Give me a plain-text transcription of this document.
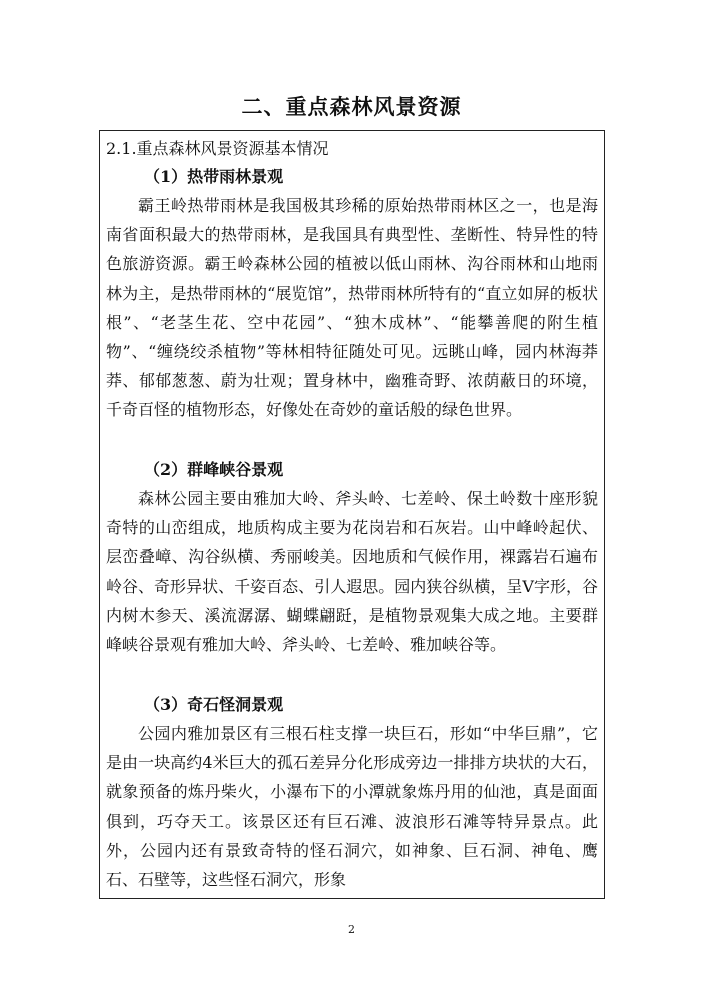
二、重点森林风景资源
2.1.重点森林风景资源基本情况
（1）热带雨林景观

霸王岭热带雨林是我国极其珍稀的原始热带雨林区之一，也是海南省面积最大的热带雨林，是我国具有典型性、垄断性、特异性的特色旅游资源。霸王岭森林公园的植被以低山雨林、沟谷雨林和山地雨林为主，是热带雨林的“展览馆”，热带雨林所特有的“直立如屏的板状根”、“老茎生花、空中花园”、“独木成林”、“能攀善爬的附生植物”、“缠绕绞杀植物”等林相特征随处可见。远眺山峰，园内林海莽莽、郁郁葱葱、蔚为壮观；置身林中，幽雅奇野、浓荫蔽日的环境，千奇百怪的植物形态，好像处在奇妙的童话般的绿色世界。

（2）群峰峡谷景观

森林公园主要由雅加大岭、斧头岭、七差岭、保土岭数十座形貌奇特的山峦组成，地质构成主要为花岗岩和石灰岩。山中峰岭起伏、层峦叠嶂、沟谷纵横、秀丽峻美。因地质和气候作用，裸露岩石遍布岭谷、奇形异状、千姿百态、引人遐思。园内狭谷纵横，呈V字形，谷内树木参天、溪流潺潺、蝴蝶翩跹，是植物景观集大成之地。主要群峰峡谷景观有雅加大岭、斧头岭、七差岭、雅加峡谷等。

（3）奇石怪洞景观

公园内雅加景区有三根石柱支撑一块巨石，形如“中华巨鼎”，它是由一块高约4米巨大的孤石差异分化形成旁边一排排方块状的大石，就象预备的炼丹柴火，小瀑布下的小潭就象炼丹用的仙池，真是面面俱到，巧夺天工。该景区还有巨石滩、波浪形石滩等特异景点。此外，公园内还有景致奇特的怪石洞穴，如神象、巨石洞、神龟、鹰石、石壁等，这些怪石洞穴，形象

2
